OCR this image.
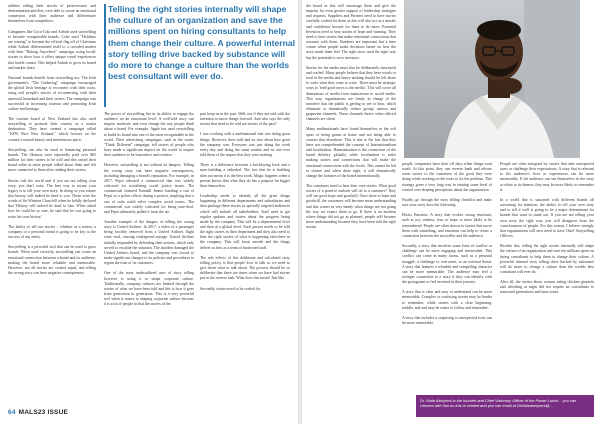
athletes telling their stories of perseverance and determination and they were able to create an emotional connection with their audience and differentiate themselves from competitors.

Companies like Coca-Cola and Airbnb used storytelling to become recognizable brands. Coke used "Holidays are coming" to become the official flag off of Christmas while Airbnb differentiated itself to a crowded market with their "Belong Anywhere" campaign, using locals' stories to show how it offers unique travel experiences that hotels cannot. This helped Airbnb to grow its brand and market share.

National brands benefit from storytelling too. The Irish government's "The Gathering" campaign encouraged the global Irish heritage to reconnect with their roots, using real people's stories of reconnecting with their ancestral homeland and their stories. The campaign was successful in increasing tourism and promoting Irish culture and heritage.

The tourism board of New Zealand has also used storytelling to promote their country as a tourist destination. They have created a campaign called "100% Pure New Zealand," which focuses on the country's natural beauty and adventurous spirit.

Storytelling can also be used to hamstring personal brands. The Obamas were reportedly paid over $65 million for their stories to be told and this raised their brand value as more people talked about them and felt more connected to them after reading their stories.

Stories rule the world and if you are not telling your story, you don't exist. The best way to secure your legacy is to tell your own story. In doing so you ensure that history will indeed be kind to you. These were the words of Sir Winston Churchill when he boldly declared that 'History will indeed be kind to him. When asked how he could be so sure, he said that he was going to write his own history.'

The ability to tell our stories – whether as a nation, a company or a personal brand is going to be key to the success of any entity.

Storytelling is a powerful tool that can be used to grow brands. When used correctly, storytelling can create an emotional connection between a brand and its audience, making the brand more relatable and memorable. However, not all stories are created equal, and telling the wrong story can have negative consequences.

Telling the right stories internally will shape the culture of an organization and save the millions spent on hiring consultants to help them change their culture. A powerful internal story telling drive backed by substance will do more to change a culture than the worlds best consultant will ever do.

The power of storytelling lies in its ability to engage the audience on an emotional level. A well-told story can inspire, motivate, and even change the way people think about a brand. For example, Apple has used storytelling to build its brand into one of the most recognizable in the world. Their advertising campaigns, such as the iconic "Think Different" campaign, tell stories of people who have made a significant impact on the world to inspire their audience to be innovative and creative.

However, storytelling is not without its dangers. Telling the wrong story can have negative consequences, including damaging a brand's reputation. For example, in 2017, Pepsi released a commercial that was widely criticized for trivializing social justice issues. The commercial featured Kendall Jenner handing a can of Pepsi to a police officer during a protest, implying that a can of soda could solve complex social issues. The commercial was widely criticized for being tone-deaf, and Pepsi ultimately pulled it from the air.

Another example of the dangers of telling the wrong story is United Airlines. In 2017, a video of a passenger being forcibly removed from a United Airlines flight went viral, causing widespread outrage. United Airlines initially responded by defending their actions, which only served to escalate the situation. The incident damaged the United Airlines brand, and the company was forced to make significant changes to its policies and procedures to regain the trust of its customers.

One of the most underutilized uses of story telling however is using it to shape corporate culture. Traditionally, company cultures are birthed through the stories of what we have been told and this is how it goes from generation to generation. This is a very powerful tool when it comes to shaping corporate culture because it is a lot of people in that the stories of the

past keep us in the past. Well, not if they are told with the intention to move things forward. And who says the only stories that need to be told are stories of the past?

I was working with a multinational that was doing great things. However, their staff had no clue about how great the company was. Everyone was just doing the work every day and doing the same routine and no one ever told them of the impact that they were making.

There is a difference between a bricklaying hack and a man building a cathedral. The fact that he is building does not mean it is the best work. Magic happens when a person knows that what they do has a purpose far bigger than themselves.

Leadership needs to identify all the great things happening in different departments and subsidiaries and then package these stories in specially targeted audiences which will include all stakeholders. Staff need to get regular updates and stories about the progress being made by the company. This will be a departmental level and then at a global level. Each person needs to be told the right stories in their department and they also need to hear the right stories of what is happening elsewhere in the company. This will boost morale and the things deliver as best as a team of motivated staff.

The role effects of this deliberate and calculated story telling policy is that people love to talk so we need to give them what to talk about. The process should be so deliberate that there are times when we have bad stories put in the reverse task. What does this mean? Just like

Secondly, stories need to be crafted for

64 MALS23 ISSUE

the board as this will encourage them and give the impetus for even greater support of leadership strategies and requests. Suppliers and Partners need to have stories carefully crafted for them as this will also act as a morale and confidence booster for them to do more. Potential Investors need to hear stories of hope and winning. They need to hear stories that make emotional connections that resonate with them. Numbers are important but a time comes when people make decisions based on how the story made them feel. The right story used the right way has the potential to wow investors.

Stories for the media must also be deliberately structured and crafted. Many people believe that they have words or read in the media and hence nothing should be left alone to write what they want to write. There must be strategic ways to 'feed good news to the media'. This will cover all dimensions of media from mainstream to social media. This way, organizations are firmly in charge of the narrative that the public is getting to see or hear, which eliminate or dramatically reduce gossip, rumors and grapevine channels. These channels thrive when official channels are silent.

Many multinationals have found themselves in the soft spots of being giants at home and not being able to convert that elsewhere. This is due to the fact that they have not comprehended the concept of Internationalism and localization. Harmonization is the connection of the brand delivery globally while localization is tailor making stories and connections that will make the emotional connections with the locals. This cannot be left to chance and when done right, it will dramatically change the fortunes of the brand internationally.

The customers need to hear their own stories. What good stories of a positive outlook will do to a customer? They will see good hope and goodwill. Once there is hope and goodwill, the customers will become more understanding and this comes in very handy when things are not going the way we expect them to go. If there is an incident where things did not go as planned, people will become more understanding because they have been told the right stories.

people, companies have their off days when things went south. At this point, they can reverse bank and release some stories to the customers of the good they were doing while working on the roots to fix the problem. This strategy gives a very long way in earning some level of control over shaping perceptions about the organization.

Finally, go through the story telling checklist and make sure your story does the following:

Elicits Emotion: A story that evokes strong emotions, such as joy, sadness, fear, or hope, is more likely to be remembered. People are often drawn to stories that move them with something, and emotions can help to create a connection between the storyteller and the audience.

Secondly, a story that involves some form of conflict or challenge can be more engaging and memorable. This conflict can come in many forms, such as a personal struggle, a challenge to overcome, or an external threat. A story that features a relatable and compelling character can be more memorable. The audience may feel a stronger connection to a story if they can identify with the protagonist or feel invested in their journey.

A story that is clear and easy to understand can be more memorable. Complex or confusing stories may be harder to remember, while stories with a clear beginning, middle, and end may be easier to follow and remember.

A story that includes a surprising or unexpected twist can be more memorable.

People are often intrigued by stories that take unexpected turns or challenge their expectations. A story that is relevant to the audience's lives or experiences can be more memorable. If the audience can see themselves in the story or relate to its themes, they may be more likely to remember it.

In a world that is saturated with different brands all screaming for attention, the ability to tell your own story and to tell it well is going to be a major determinant for brands that want to stand out. If you are not telling your own story the right way, you will disappear from the consciousness of people. For this reason, I believe strongly that organizations will now need to have Chief Storytelling Officers.

Besides this, telling the right stories internally will shape the culture of an organization and save the millions spent on hiring consultants to help them to change their culture. A powerful internal story telling drive backed by substance will do more to change a culture than the worlds best consultant will ever do.

After all, the stories about women eating chicken gizzards and whistling at night did not require an consultants to transcend generations and time zones.

Dr. Wale Akinyemi is the founder and Chief Visionary Officer of the Power Lunch... you can connect with him on this or related and you can email at DrWaleakinyemi@...
